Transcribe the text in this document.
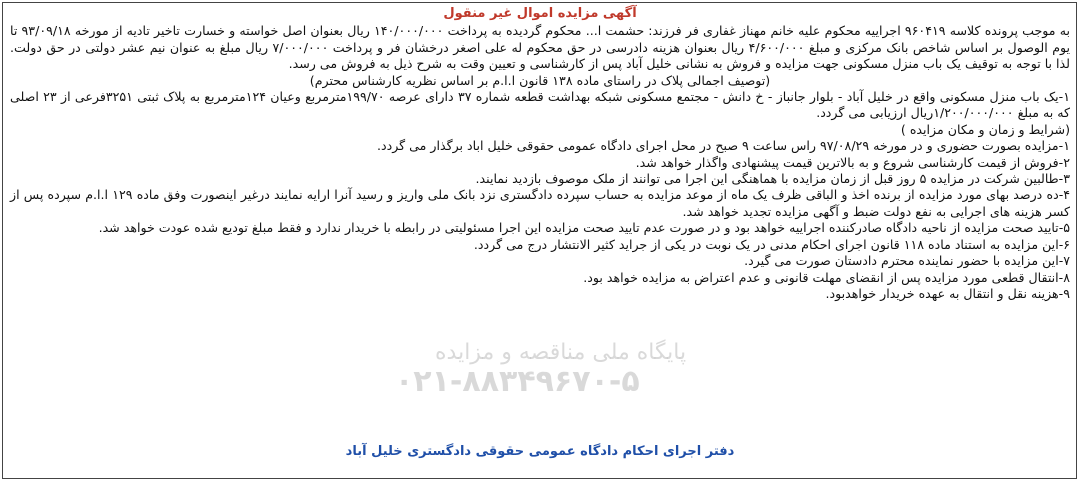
پایگاه ملی مناقصه و مزایده
۰۲۱-۸۸۳۴۹۶۷۰-۵
آگهی مزایده اموال غیر منقول

به موجب پرونده کلاسه ۹۶۰۴۱۹ اجراییه محکوم علیه خانم مهناز غفاری فر فرزند: حشمت ا... محکوم گردیده به پرداخت ۱۴۰/۰۰۰/۰۰۰ ریال بعنوان اصل خواسته و خسارت تاخیر تادیه از مورخه ۹۳/۰۹/۱۸ تا یوم الوصول بر اساس شاخص بانک مرکزی و مبلغ ۴/۶۰۰/۰۰۰ ریال بعنوان هزینه دادرسی در حق محکوم له علی اصغر درخشان فر و پرداخت ۷/۰۰۰/۰۰۰ ریال مبلغ به عنوان نیم عشر دولتی در حق دولت. لذا با توجه به توقیف یک باب منزل مسکونی جهت مزایده و فروش به نشانی خلیل آباد پس از کارشناسی و تعیین وقت به شرح ذیل به فروش می رسد.

(توصیف اجمالی پلاک در راستای ماده ۱۳۸ قانون ا.ا.م بر اساس نظریه کارشناس محترم)

۱-یک باب منزل مسکونی واقع در خلیل آباد - بلوار جانباز - خ دانش - مجتمع مسکونی شبکه بهداشت قطعه شماره ۳۷ دارای عرصه ۱۹۹/۷۰مترمربع وعیان ۱۲۴مترمربع به پلاک ثبتی ۳۲۵۱فرعی از ۲۳ اصلی که به مبلغ ۱/۲۰۰/۰۰۰/۰۰۰ریال ارزیابی می گردد.

(شرایط و زمان و مکان مزایده )

۱-مزایده بصورت حضوری و در مورخه ۹۷/۰۸/۲۹ راس ساعت ۹ صبح در محل اجرای دادگاه عمومی حقوقی خلیل اباد برگذار می گردد.

۲-فروش از قیمت کارشناسی شروع و به بالاترین قیمت پیشنهادی واگذار خواهد شد.

۳-طالبین شرکت در مزایده ۵ روز قبل از زمان مزایده با هماهنگی این اجرا می توانند از ملک موصوف بازدید نمایند.

۴-ده درصد بهای مورد مزایده از برنده اخذ و الباقی ظرف یک ماه از موعد مزایده به حساب سپرده دادگستری نزد بانک ملی واریز و رسید آنرا ارایه نمایند درغیر اینصورت وفق ماده ۱۲۹ ا.ا.م سپرده پس از کسر هزینه های اجرایی به نفع دولت ضبط و آگهی مزایده تجدید خواهد شد.

۵-تایید صحت مزایده از ناحیه دادگاه صادرکننده اجراییه خواهد بود و در صورت عدم تایید صحت مزایده این اجرا مسئولیتی در رابطه با خریدار ندارد و فقط مبلغ تودیع شده عودت خواهد شد.

۶-این مزایده به استناد ماده ۱۱۸ قانون اجرای احکام مدنی در یک نوبت در یکی از جراید کثیر الانتشار درج می گردد.

۷-این مزایده با حضور نماینده محترم دادستان صورت می گیرد.

۸-انتقال قطعی مورد مزایده پس از انقضای مهلت قانونی و عدم اعتراض به مزایده خواهد بود.

۹-هزینه نقل و انتقال به عهده خریدار خواهدبود.

دفتر اجرای احکام دادگاه عمومی حقوقی دادگستری خلیل آباد
